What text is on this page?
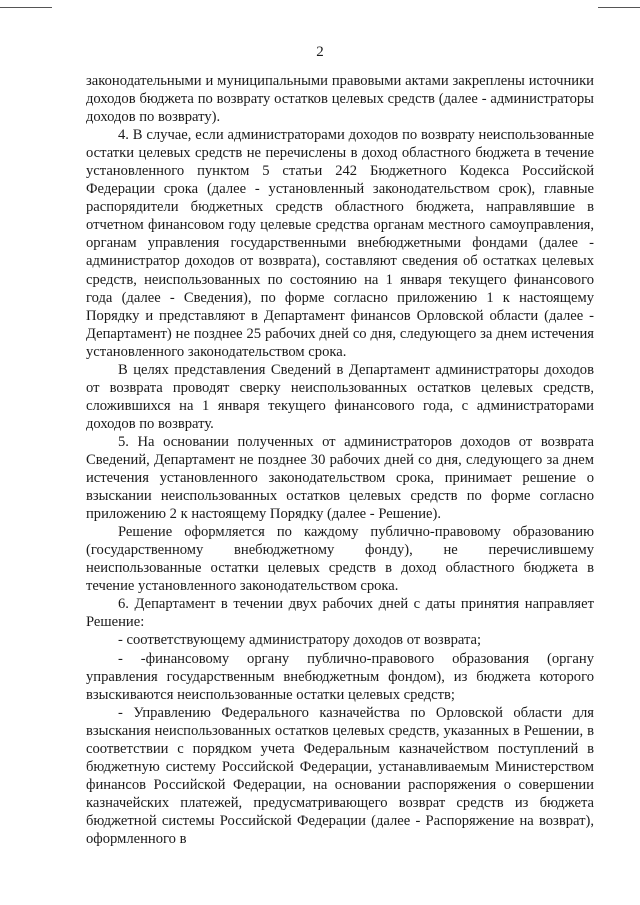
2

законодательными и муниципальными правовыми актами закреплены источники доходов бюджета по возврату остатков целевых средств (далее - администраторы доходов по возврату).

4. В случае, если администраторами доходов по возврату неиспользованные остатки целевых средств не перечислены в доход областного бюджета в течение установленного пунктом 5 статьи 242 Бюджетного Кодекса Российской Федерации срока (далее - установленный законодательством срок), главные распорядители бюджетных средств областного бюджета, направлявшие в отчетном финансовом году целевые средства органам местного самоуправления, органам управления государственными внебюджетными фондами (далее - администратор доходов от возврата), составляют сведения об остатках целевых средств, неиспользованных по состоянию на 1 января текущего финансового года (далее - Сведения), по форме согласно приложению 1 к настоящему Порядку и представляют в Департамент финансов Орловской области (далее - Департамент) не позднее 25 рабочих дней со дня, следующего за днем истечения установленного законодательством срока.

В целях представления Сведений в Департамент администраторы доходов от возврата проводят сверку неиспользованных остатков целевых средств, сложившихся на 1 января текущего финансового года, с администраторами доходов по возврату.

5. На основании полученных от администраторов доходов от возврата Сведений, Департамент не позднее 30 рабочих дней со дня, следующего за днем истечения установленного законодательством срока, принимает решение о взыскании неиспользованных остатков целевых средств по форме согласно приложению 2 к настоящему Порядку (далее - Решение).

Решение оформляется по каждому публично-правовому образованию (государственному внебюджетному фонду), не перечислившему неиспользованные остатки целевых средств в доход областного бюджета в течение установленного законодательством срока.

6. Департамент в течении двух рабочих дней с даты принятия направляет Решение:

- соответствующему администратору доходов от возврата;

- -финансовому органу публично-правового образования (органу управления государственным внебюджетным фондом), из бюджета которого взыскиваются неиспользованные остатки целевых средств;

- Управлению Федерального казначейства по Орловской области для взыскания неиспользованных остатков целевых средств, указанных в Решении, в соответствии с порядком учета Федеральным казначейством поступлений в бюджетную систему Российской Федерации, устанавливаемым Министерством финансов Российской Федерации, на основании распоряжения о совершении казначейских платежей, предусматривающего возврат средств из бюджета бюджетной системы Российской Федерации (далее - Распоряжение на возврат), оформленного в
